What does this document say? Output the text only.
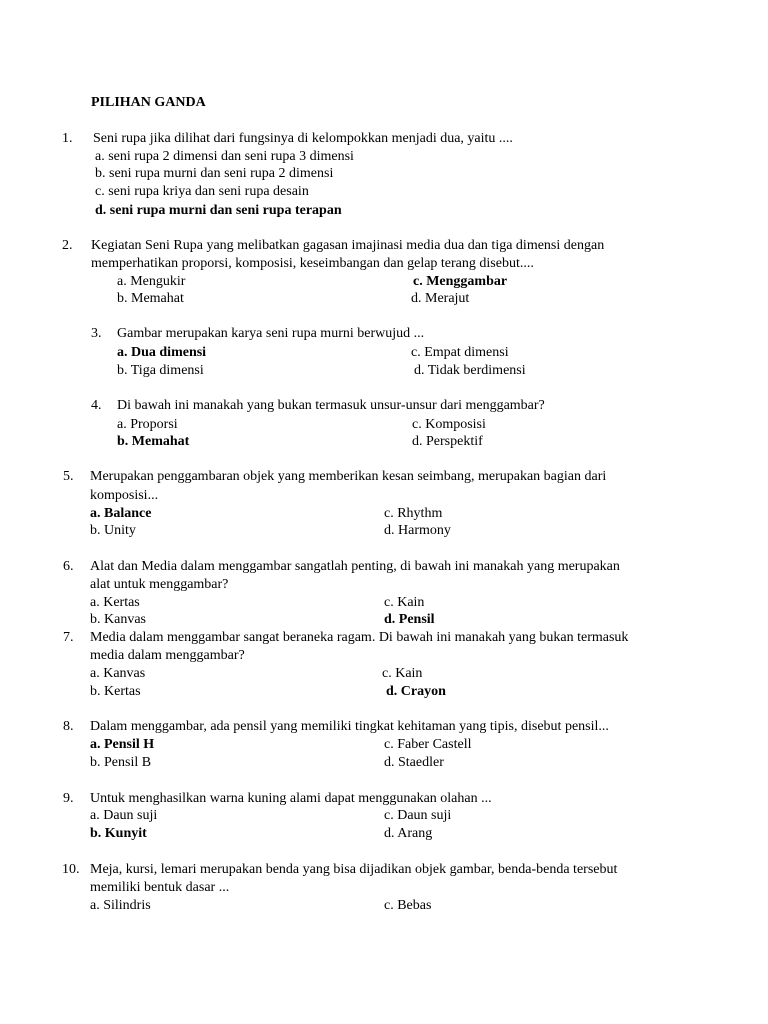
PILIHAN GANDA
1. Seni rupa jika dilihat dari fungsinya di kelompokkan menjadi dua, yaitu ....
a. seni rupa 2 dimensi dan seni rupa 3 dimensi
b. seni rupa murni dan seni rupa 2 dimensi
c. seni rupa kriya dan seni rupa desain
d. seni rupa murni dan seni rupa terapan
2. Kegiatan Seni Rupa yang melibatkan gagasan imajinasi media dua dan tiga dimensi dengan
memperhatikan proporsi, komposisi, keseimbangan dan gelap terang disebut....
a. Mengukir	c. Menggambar
b. Memahat	d. Merajut
3. Gambar merupakan karya seni rupa murni berwujud ...
a. Dua dimensi	c. Empat dimensi
b. Tiga dimensi	d. Tidak berdimensi
4. Di bawah ini manakah yang bukan termasuk unsur-unsur dari menggambar?
a. Proporsi	c. Komposisi
b. Memahat	d. Perspektif
5. Merupakan penggambaran objek yang memberikan kesan seimbang, merupakan bagian dari
komposisi...
a. Balance	c. Rhythm
b. Unity	d. Harmony
6. Alat dan Media dalam menggambar sangatlah penting, di bawah ini manakah yang merupakan
alat untuk menggambar?
a. Kertas	c. Kain
b. Kanvas	d. Pensil
7. Media dalam menggambar sangat beraneka ragam. Di bawah ini manakah yang bukan termasuk
media dalam menggambar?
a. Kanvas	c. Kain
b. Kertas	d. Crayon
8. Dalam menggambar, ada pensil yang memiliki tingkat kehitaman yang tipis, disebut pensil...
a. Pensil H	c. Faber Castell
b. Pensil B	d. Staedler
9. Untuk menghasilkan warna kuning alami dapat menggunakan olahan ...
a. Daun suji	c. Daun suji
b. Kunyit	d. Arang
10. Meja, kursi, lemari merupakan benda yang bisa dijadikan objek gambar, benda-benda tersebut
memiliki bentuk dasar ...
a. Silindris	c. Bebas
